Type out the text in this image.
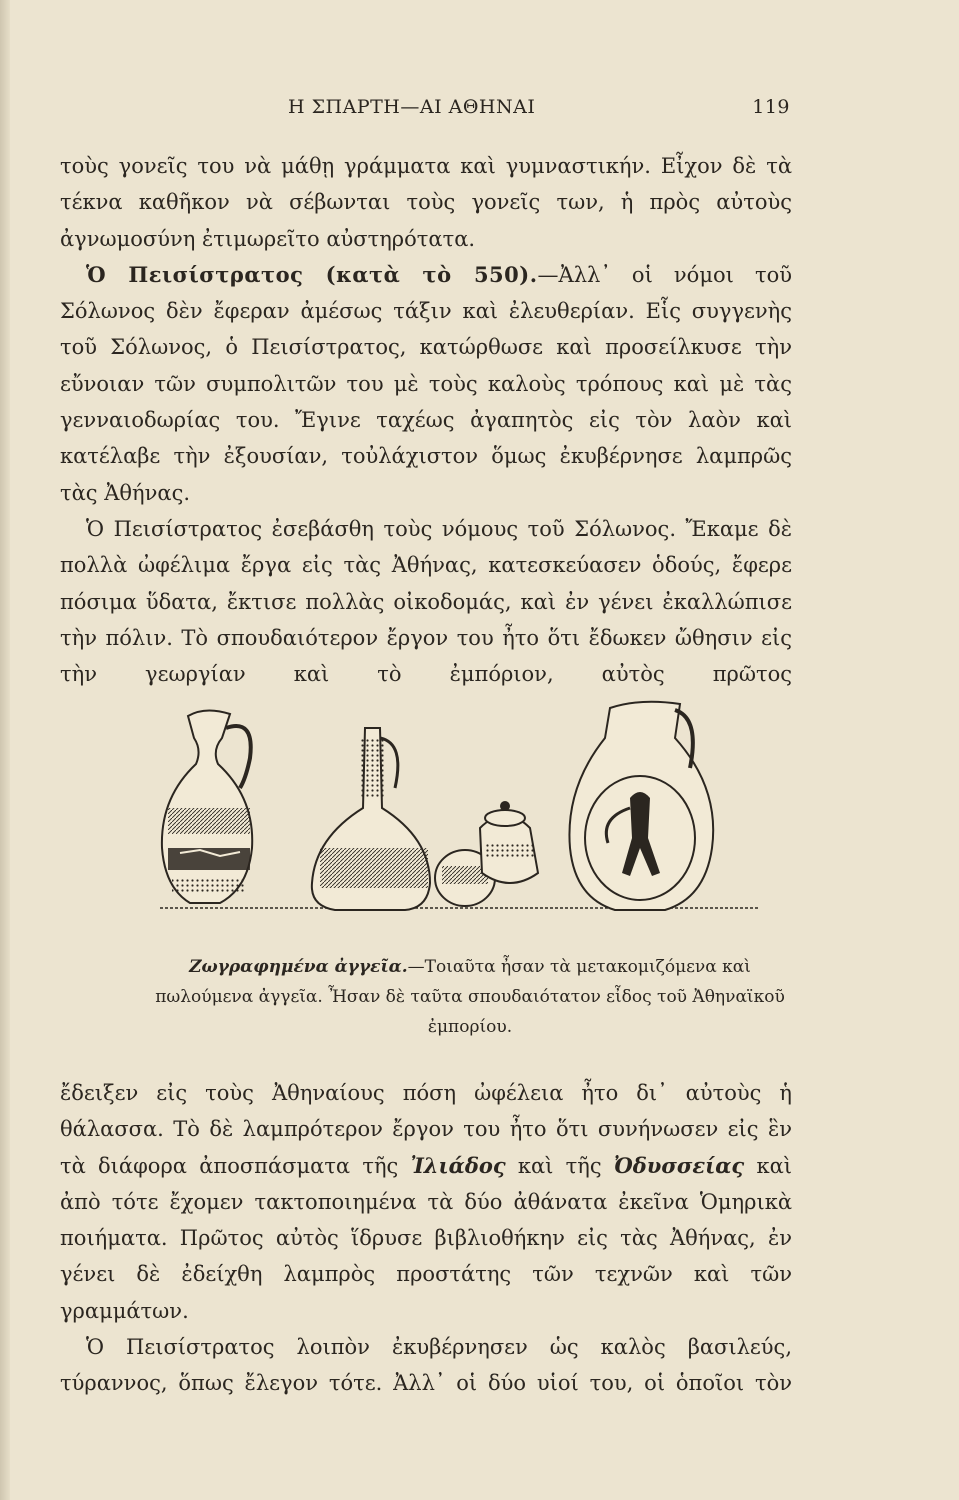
Η ΣΠΑΡΤΗ—ΑΙ ΑΘΗΝΑΙ	119

τοὺς γονεῖς του νὰ μάθῃ γράμματα καὶ γυμναστικήν. Εἶχον δὲ τὰ τέκνα καθῆκον νὰ σέβωνται τοὺς γονεῖς των, ἡ πρὸς αὐτοὺς ἀγνωμοσύνη ἐτιμωρεῖτο αὐστηρότατα.

Ὁ Πεισίστρατος (κατὰ τὸ 550).—Ἀλλ᾽ οἱ νόμοι τοῦ Σόλωνος δὲν ἔφεραν ἀμέσως τάξιν καὶ ἐλευθερίαν. Εἷς συγγενὴς τοῦ Σόλωνος, ὁ Πεισίστρατος, κατώρθωσε καὶ προσείλκυσε τὴν εὔνοιαν τῶν συμπολιτῶν του μὲ τοὺς καλοὺς τρόπους καὶ μὲ τὰς γενναιοδωρίας του. Ἔγινε ταχέως ἀγαπητὸς εἰς τὸν λαὸν καὶ κατέλαβε τὴν ἐξουσίαν, τοὐλάχιστον ὅμως ἐκυβέρνησε λαμπρῶς τὰς Ἀθήνας.

Ὁ Πεισίστρατος ἐσεβάσθη τοὺς νόμους τοῦ Σόλωνος. Ἔκαμε δὲ πολλὰ ὠφέλιμα ἔργα εἰς τὰς Ἀθήνας, κατεσκεύασεν ὁδούς, ἔφερε πόσιμα ὕδατα, ἔκτισε πολλὰς οἰκοδομάς, καὶ ἐν γένει ἐκαλλώπισε τὴν πόλιν. Τὸ σπουδαιότερον ἔργον του ἦτο ὅτι ἔδωκεν ὤθησιν εἰς τὴν γεωργίαν καὶ τὸ ἐμπόριον, αὐτὸς πρῶτος

Ζωγραφημένα ἀγγεῖα.—Τοιαῦτα ἦσαν τὰ μετακομιζόμενα καὶ πωλούμενα ἀγγεῖα. Ἦσαν δὲ ταῦτα σπουδαιότατον εἶδος τοῦ Ἀθηναϊκοῦ ἐμπορίου.

ἔδειξεν εἰς τοὺς Ἀθηναίους πόση ὠφέλεια ἦτο δι᾽ αὐτοὺς ἡ θάλασσα. Τὸ δὲ λαμπρότερον ἔργον του ἦτο ὅτι συνήνωσεν εἰς ἓν τὰ διάφορα ἀποσπάσματα τῆς Ἰλιάδος καὶ τῆς Ὀδυσσείας καὶ ἀπὸ τότε ἔχομεν τακτοποιημένα τὰ δύο ἀθάνατα ἐκεῖνα Ὁμηρικὰ ποιήματα. Πρῶτος αὐτὸς ἵδρυσε βιβλιοθήκην εἰς τὰς Ἀθήνας, ἐν γένει δὲ ἐδείχθη λαμπρὸς προστάτης τῶν τεχνῶν καὶ τῶν γραμμάτων.

Ὁ Πεισίστρατος λοιπὸν ἐκυβέρνησεν ὡς καλὸς βασιλεύς, τύραννος, ὅπως ἔλεγον τότε. Ἀλλ᾽ οἱ δύο υἱοί του, οἱ ὁποῖοι τὸν
